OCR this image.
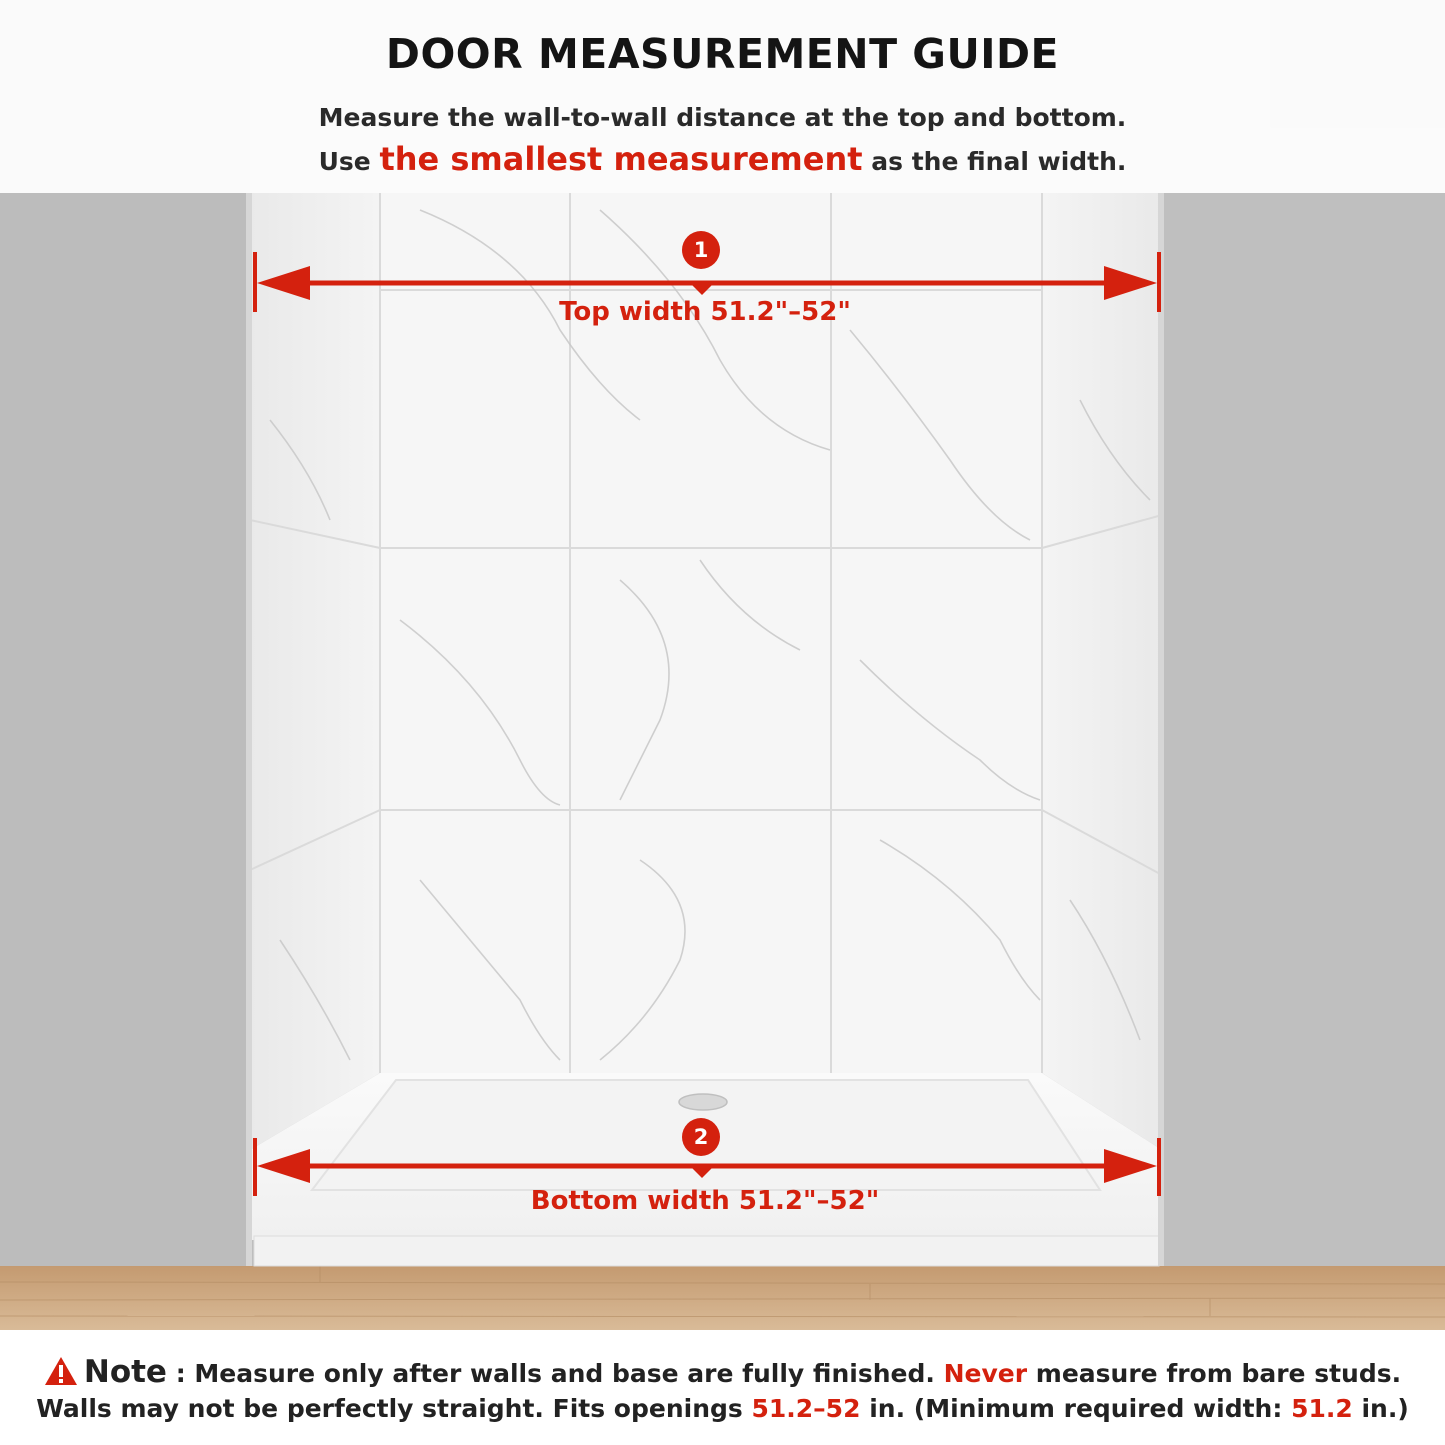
DOOR MEASUREMENT GUIDE
Measure the wall-to-wall distance at the top and bottom.
Use the smallest measurement as the final width.
1
Top width 51.2"–52"
2
Bottom width 51.2"–52"
Note : Measure only after walls and base are fully finished. Never measure from bare studs.
Walls may not be perfectly straight. Fits openings 51.2–52 in. (Minimum required width: 51.2 in.)
